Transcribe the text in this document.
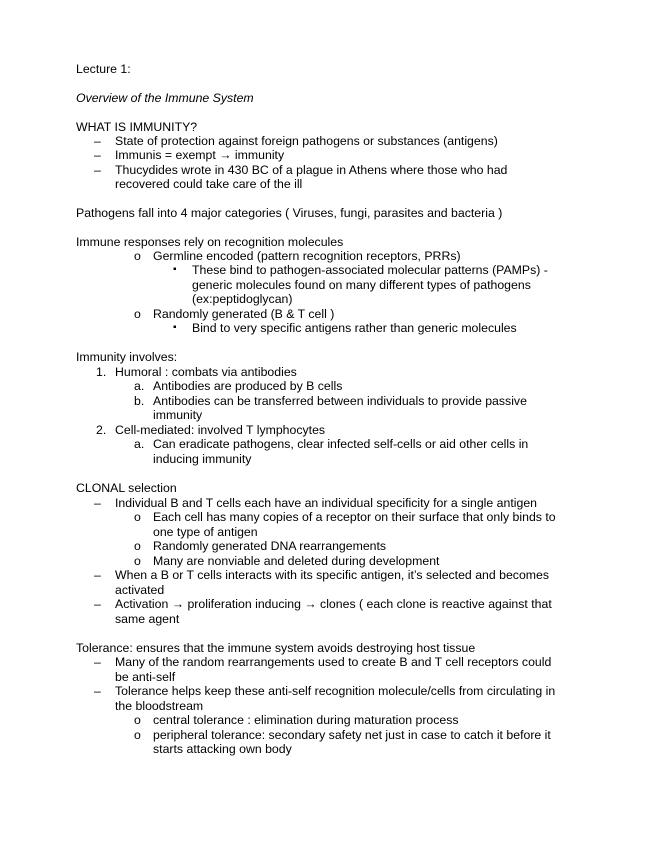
Lecture 1:
Overview of the Immune System
WHAT IS IMMUNITY?
– State of protection against foreign pathogens or substances (antigens)
– Immunis = exempt → immunity
– Thucydides wrote in 430 BC of a plague in Athens where those who had
recovered could take care of the ill
Pathogens fall into 4 major categories ( Viruses, fungi, parasites and bacteria )
Immune responses rely on recognition molecules
o Germline encoded (pattern recognition receptors, PRRs)
▪ These bind to pathogen-associated molecular patterns (PAMPs) -
generic molecules found on many different types of pathogens
(ex:peptidoglycan)
o Randomly generated (B & T cell )
▪ Bind to very specific antigens rather than generic molecules
Immunity involves:
1. Humoral : combats via antibodies
a. Antibodies are produced by B cells
b. Antibodies can be transferred between individuals to provide passive
immunity
2. Cell-mediated: involved T lymphocytes
a. Can eradicate pathogens, clear infected self-cells or aid other cells in
inducing immunity
CLONAL selection
– Individual B and T cells each have an individual specificity for a single antigen
o Each cell has many copies of a receptor on their surface that only binds to
one type of antigen
o Randomly generated DNA rearrangements
o Many are nonviable and deleted during development
– When a B or T cells interacts with its specific antigen, it’s selected and becomes
activated
– Activation → proliferation inducing → clones ( each clone is reactive against that
same agent
Tolerance: ensures that the immune system avoids destroying host tissue
– Many of the random rearrangements used to create B and T cell receptors could
be anti-self
– Tolerance helps keep these anti-self recognition molecule/cells from circulating in
the bloodstream
o central tolerance : elimination during maturation process
o peripheral tolerance: secondary safety net just in case to catch it before it
starts attacking own body
